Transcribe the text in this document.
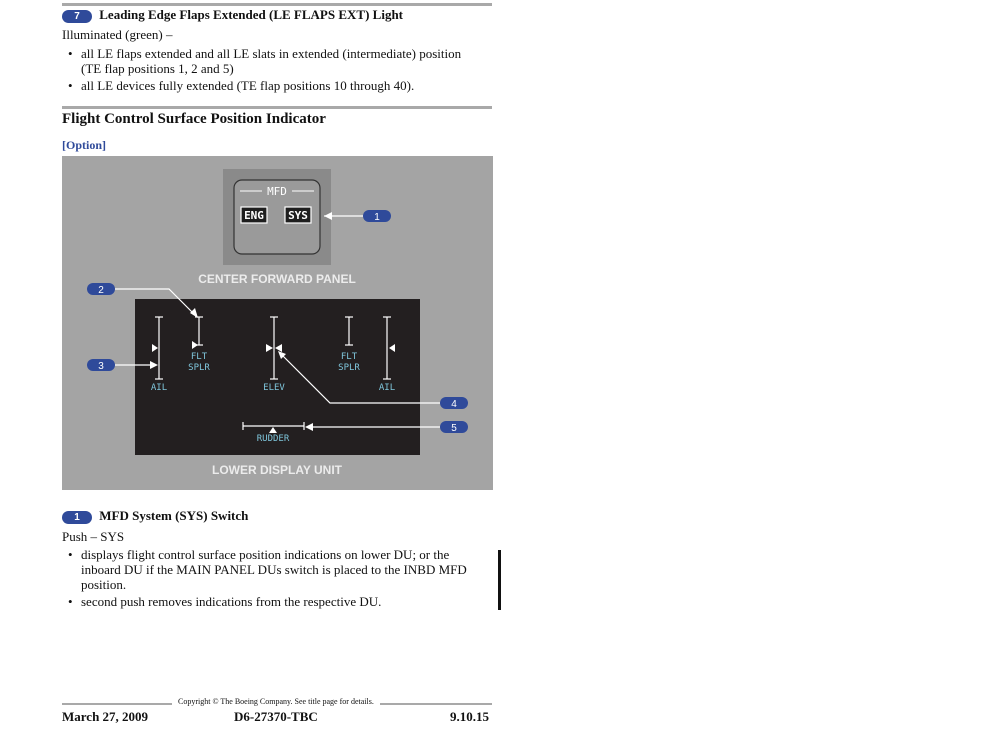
7 Leading Edge Flaps Extended (LE FLAPS EXT) Light
Illuminated (green) –
• all LE flaps extended and all LE slats in extended (intermediate) position
(TE flap positions 1, 2 and 5)
• all LE devices fully extended (TE flap positions 10 through 40).
Flight Control Surface Position Indicator
[Option]
MFD
ENG SYS
CENTER FORWARD PANEL
1
AIL
FLT
SPLR
ELEV
FLT
SPLR
AIL
RUDDER
LOWER DISPLAY UNIT
2
3
4
5
1 MFD System (SYS) Switch
Push – SYS
• displays flight control surface position indications on lower DU; or the
inboard DU if the MAIN PANEL DUs switch is placed to the INBD MFD
position.
• second push removes indications from the respective DU.
Copyright © The Boeing Company. See title page for details.
March 27, 2009	D6-27370-TBC	9.10.15
